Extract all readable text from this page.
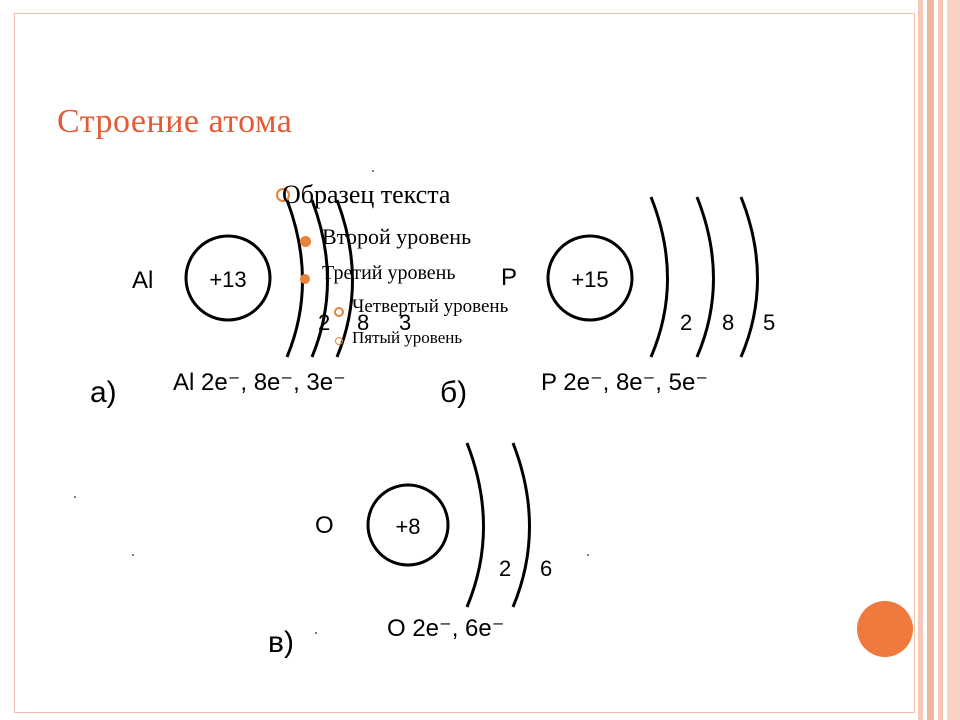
Строение атома
Al	+13
2 8 3
Al 2e⁻, 8e⁻, 3e⁻
а)
P +15
2 8 5
P 2e⁻, 8e⁻, 5e⁻
б)
O	+8
2 6
O 2e⁻, 6e⁻
в)
Образец текста
Второй уровень
Третий уровень
Четвертый уровень
Пятый уровень
